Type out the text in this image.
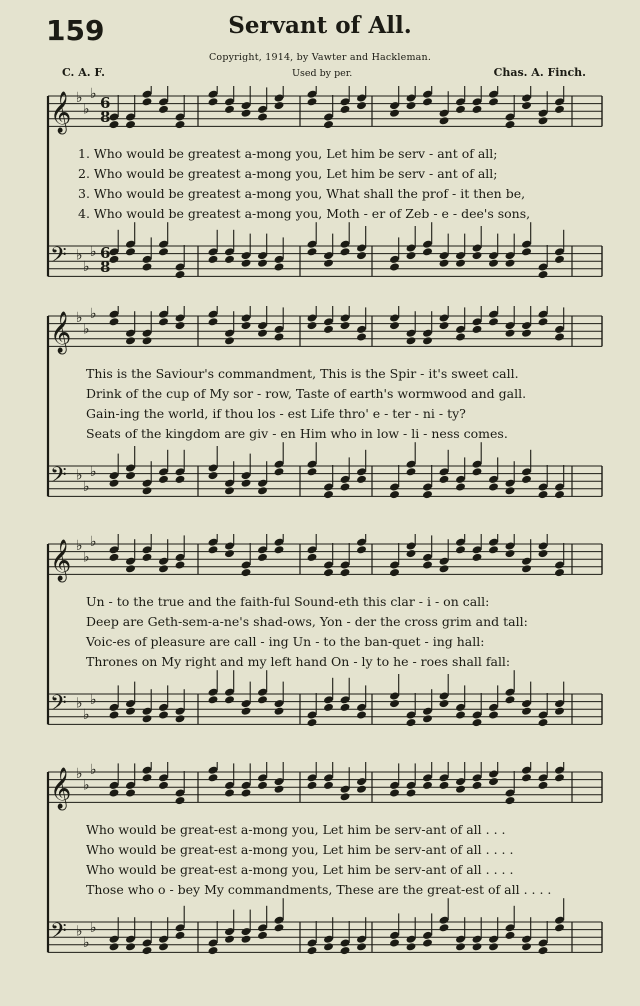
159	Servant of All.
Copyright, 1914, by Vawter and Hackleman.
C. A. F.	Used by per.	Chas. A. Finch.
𝄞 ♭
♭
♭
𝄢 ♭
♭
♭
6
8
6
8
1. Who would be greatest a-mong you, Let him be serv - ant of all;
2. Who would be greatest a-mong you, Let him be serv - ant of all;
3. Who would be greatest a-mong you, What shall the prof - it then be,
4. Who would be greatest a-mong you, Moth - er of Zeb - e - dee's sons,
𝄞 ♭
♭
♭
𝄢 ♭
♭
♭
This is the Saviour's commandment, This is the Spir - it's sweet call.
Drink of the cup of My sor - row, Taste of earth's wormwood and gall.
Gain-ing the world, if thou los - est Life thro' e - ter - ni - ty?
Seats of the kingdom are giv - en Him who in low - li - ness comes.
𝄞 ♭
♭
♭
𝄢 ♭
♭
♭
Un - to the true and the faith-ful Sound-eth this clar - i - on call:
Deep are Geth-sem-a-ne's shad-ows, Yon - der the cross grim and tall:
Voic-es of pleasure are call - ing Un - to the ban-quet - ing hall:
Thrones on My right and my left hand On - ly to he - roes shall fall:
𝄞 ♭
♭
♭
𝄢 ♭
♭
♭
Who would be great-est a-mong you, Let him be serv-ant of all . . .
Who would be great-est a-mong you, Let him be serv-ant of all . . . .
Who would be great-est a-mong you, Let him be serv-ant of all . . . .
Those who o - bey My commandments, These are the great-est of all . . . .
